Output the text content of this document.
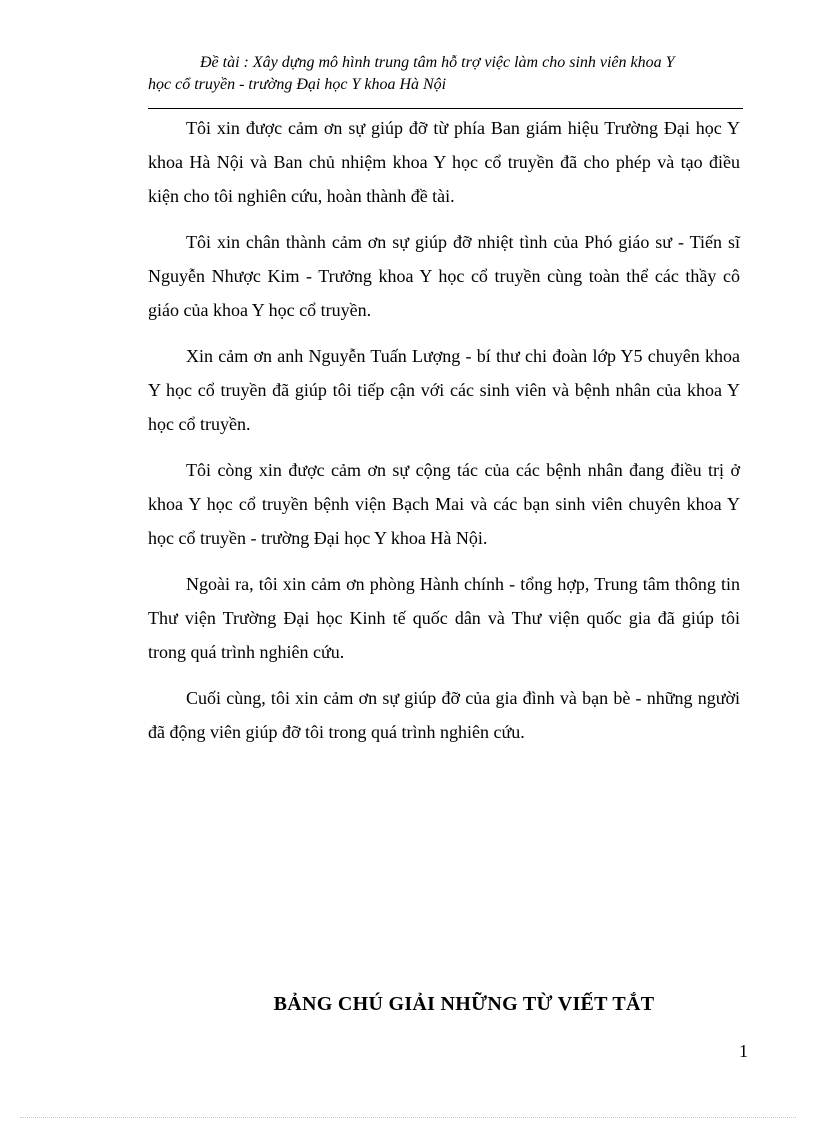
Đề tài : Xây dựng mô hình trung tâm hỗ trợ việc làm cho sinh viên khoa Y
học cổ truyền - trường Đại học Y khoa Hà Nội

Tôi xin được cảm ơn sự giúp đỡ từ phía Ban giám hiệu Trường Đại học Y khoa Hà Nội và Ban chủ nhiệm khoa Y học cổ truyền đã cho phép và tạo điều kiện cho tôi nghiên cứu, hoàn thành đề tài.

Tôi xin chân thành cảm ơn sự giúp đỡ nhiệt tình của Phó giáo sư - Tiến sĩ Nguyễn Nhược Kim - Trưởng khoa Y học cổ truyền cùng toàn thể các thầy cô giáo của khoa Y học cổ truyền.

Xin cảm ơn anh Nguyễn Tuấn Lượng - bí thư chi đoàn lớp Y5 chuyên khoa Y học cổ truyền đã giúp tôi tiếp cận với các sinh viên và bệnh nhân của khoa Y học cổ truyền.

Tôi còng xin được cảm ơn sự cộng tác của các bệnh nhân đang điều trị ở khoa Y học cổ truyền bệnh viện Bạch Mai và các bạn sinh viên chuyên khoa Y học cổ truyền - trường Đại học Y khoa Hà Nội.

Ngoài ra, tôi xin cảm ơn phòng Hành chính - tổng hợp, Trung tâm thông tin Thư viện Trường Đại học Kinh tế quốc dân và Thư viện quốc gia đã giúp tôi trong quá trình nghiên cứu.

Cuối cùng, tôi xin cảm ơn sự giúp đỡ của gia đình và bạn bè - những người đã động viên giúp đỡ tôi trong quá trình nghiên cứu.

BẢNG CHÚ GIẢI NHỮNG TỪ VIẾT TẮT

1
